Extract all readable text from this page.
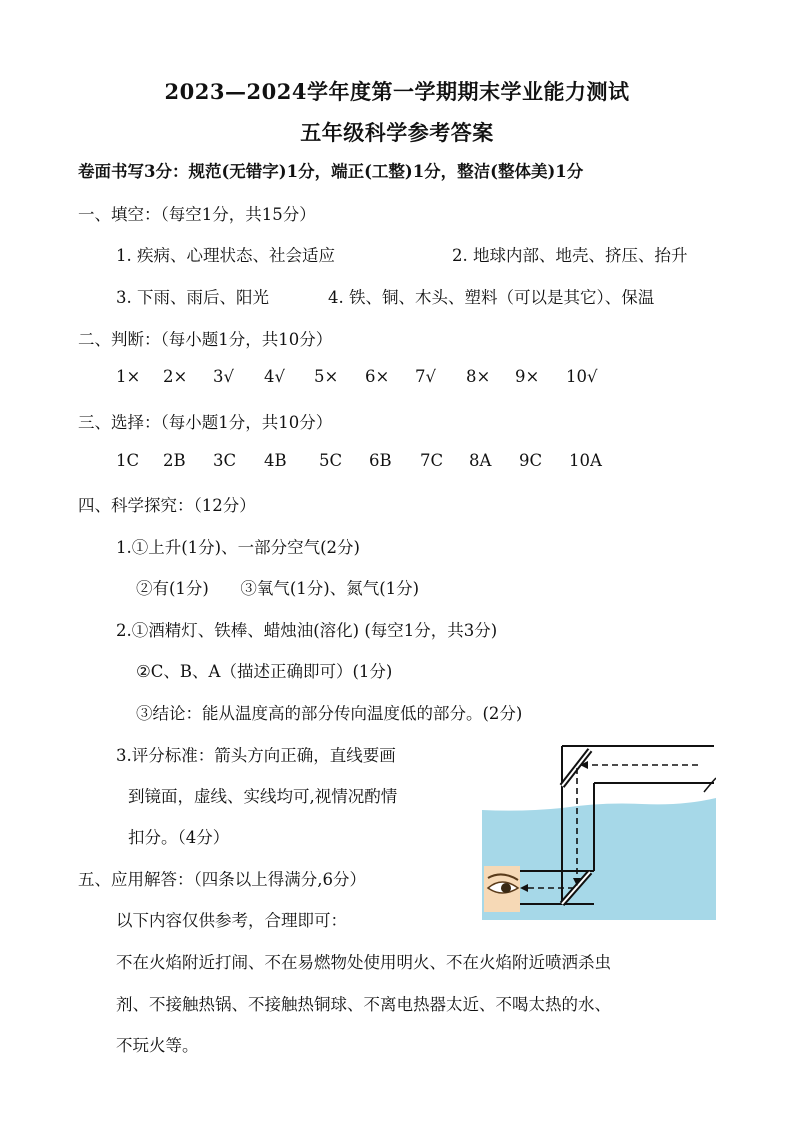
2023—2024学年度第一学期期末学业能力测试
五年级科学参考答案
卷面书写3分：规范(无错字)1分，端正(工整)1分，整洁(整体美)1分
一、填空：（每空1分，共15分）
1. 疾病、心理状态、社会适应	2. 地球内部、地壳、挤压、抬升
3. 下雨、雨后、阳光	4. 铁、铜、木头、塑料（可以是其它）、保温
二、判断：（每小题1分，共10分）
1× 2× 3√ 4√ 5× 6× 7√ 8× 9× 10√
三、选择：（每小题1分，共10分）
1C 2B 3C 4B 5C 6B 7C 8A 9C 10A
四、科学探究：（12分）
1.①上升(1分)、一部分空气(2分)
②有(1分)      ③氧气(1分)、氮气(1分)
2.①酒精灯、铁棒、蜡烛油(溶化) (每空1分，共3分)
②C、B、A（描述正确即可）(1分)
③结论：能从温度高的部分传向温度低的部分。(2分)
3.评分标准：箭头方向正确，直线要画
到镜面，虚线、实线均可,视情况酌情
扣分。（4分）
五、应用解答：（四条以上得满分,6分）
以下内容仅供参考，合理即可：
不在火焰附近打闹、不在易燃物处使用明火、不在火焰附近喷洒杀虫
剂、不接触热锅、不接触热铜球、不离电热器太近、不喝太热的水、
不玩火等。
